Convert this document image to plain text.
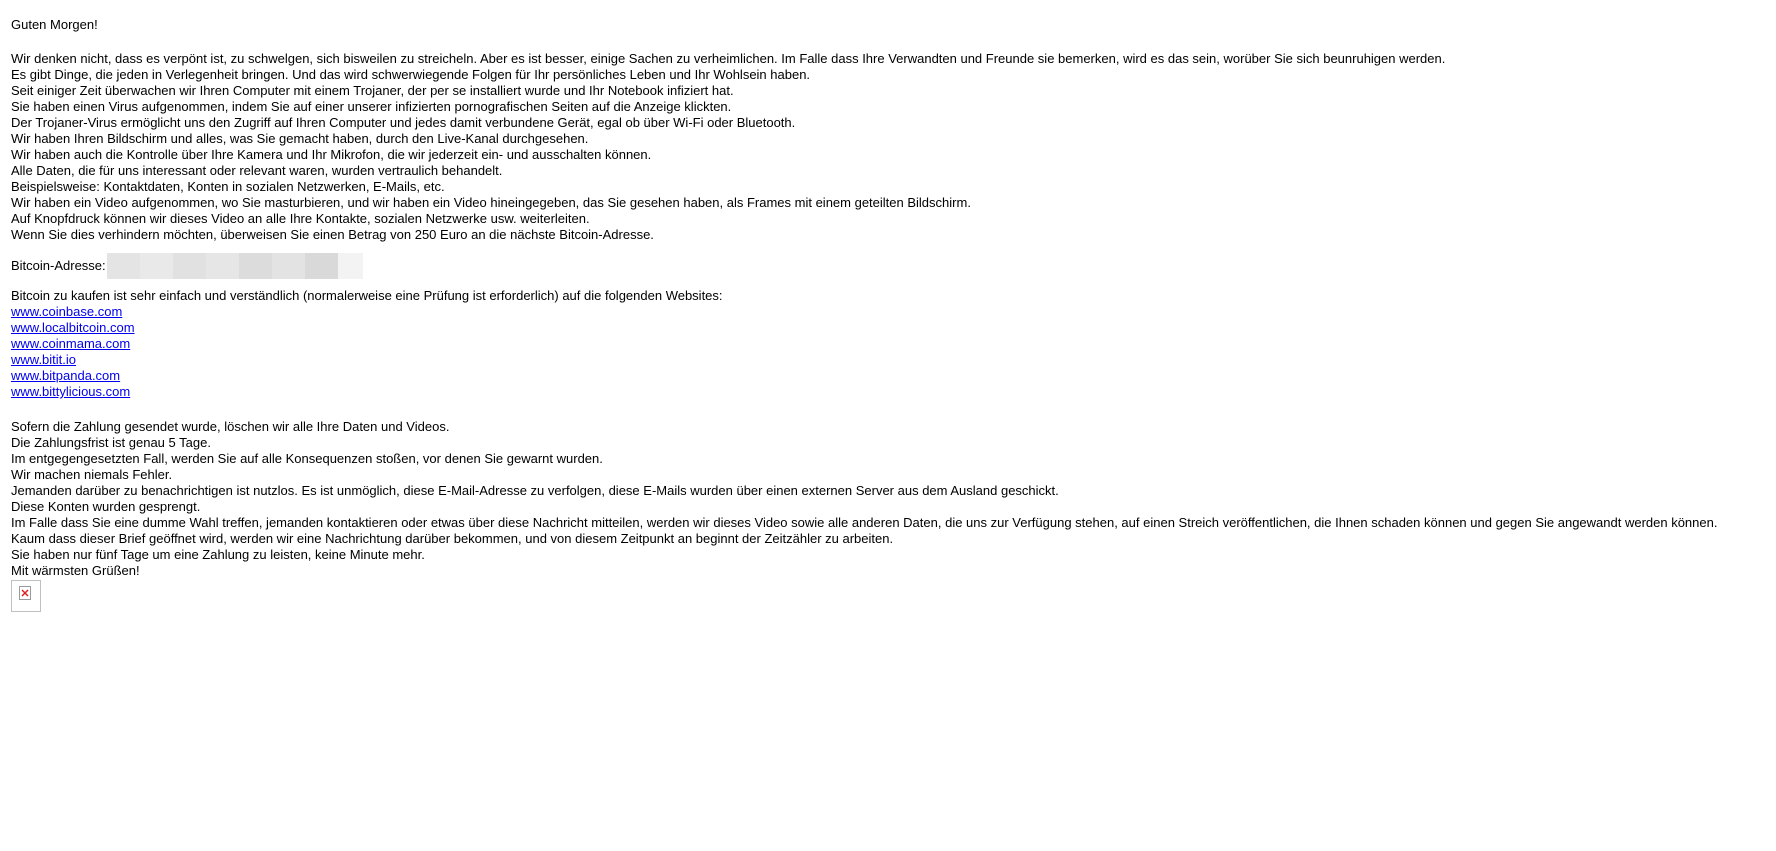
Guten Morgen!
Wir denken nicht, dass es verpönt ist, zu schwelgen, sich bisweilen zu streicheln. Aber es ist besser, einige Sachen zu verheimlichen. Im Falle dass Ihre Verwandten und Freunde sie bemerken, wird es das sein, worüber Sie sich beunruhigen werden.
Es gibt Dinge, die jeden in Verlegenheit bringen. Und das wird schwerwiegende Folgen für Ihr persönliches Leben und Ihr Wohlsein haben.
Seit einiger Zeit überwachen wir Ihren Computer mit einem Trojaner, der per se installiert wurde und Ihr Notebook infiziert hat.
Sie haben einen Virus aufgenommen, indem Sie auf einer unserer infizierten pornografischen Seiten auf die Anzeige klickten.
Der Trojaner-Virus ermöglicht uns den Zugriff auf Ihren Computer und jedes damit verbundene Gerät, egal ob über Wi-Fi oder Bluetooth.
Wir haben Ihren Bildschirm und alles, was Sie gemacht haben, durch den Live-Kanal durchgesehen.
Wir haben auch die Kontrolle über Ihre Kamera und Ihr Mikrofon, die wir jederzeit ein- und ausschalten können.
Alle Daten, die für uns interessant oder relevant waren, wurden vertraulich behandelt.
Beispielsweise: Kontaktdaten, Konten in sozialen Netzwerken, E-Mails, etc.
Wir haben ein Video aufgenommen, wo Sie masturbieren, und wir haben ein Video hineingegeben, das Sie gesehen haben, als Frames mit einem geteilten Bildschirm.
Auf Knopfdruck können wir dieses Video an alle Ihre Kontakte, sozialen Netzwerke usw. weiterleiten.
Wenn Sie dies verhindern möchten, überweisen Sie einen Betrag von 250 Euro an die nächste Bitcoin-Adresse.
Bitcoin-Adresse:
Bitcoin zu kaufen ist sehr einfach und verständlich (normalerweise eine Prüfung ist erforderlich) auf die folgenden Websites:
www.coinbase.com
www.localbitcoin.com
www.coinmama.com
www.bitit.io
www.bitpanda.com
www.bittylicious.com
Sofern die Zahlung gesendet wurde, löschen wir alle Ihre Daten und Videos.
Die Zahlungsfrist ist genau 5 Tage.
Im entgegengesetzten Fall, werden Sie auf alle Konsequenzen stoßen, vor denen Sie gewarnt wurden.
Wir machen niemals Fehler.
Jemanden darüber zu benachrichtigen ist nutzlos. Es ist unmöglich, diese E-Mail-Adresse zu verfolgen, diese E-Mails wurden über einen externen Server aus dem Ausland geschickt.
Diese Konten wurden gesprengt.
Im Falle dass Sie eine dumme Wahl treffen, jemanden kontaktieren oder etwas über diese Nachricht mitteilen, werden wir dieses Video sowie alle anderen Daten, die uns zur Verfügung stehen, auf einen Streich veröffentlichen, die Ihnen schaden können und gegen Sie angewandt werden können.
Kaum dass dieser Brief geöffnet wird, werden wir eine Nachrichtung darüber bekommen, und von diesem Zeitpunkt an beginnt der Zeitzähler zu arbeiten.
Sie haben nur fünf Tage um eine Zahlung zu leisten, keine Minute mehr.
Mit wärmsten Grüßen!
